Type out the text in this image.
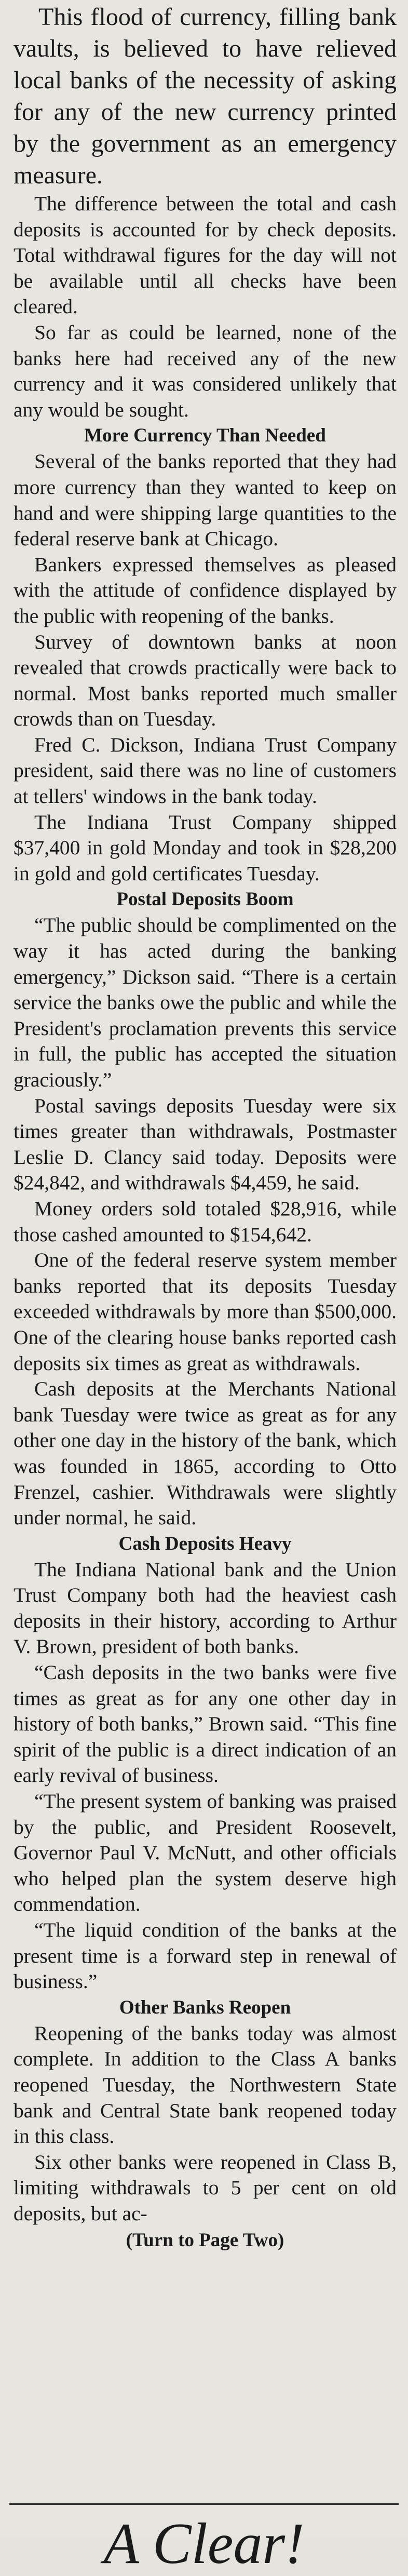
This flood of currency, filling bank vaults, is believed to have relieved local banks of the necessity of asking for any of the new currency printed by the government as an emergency measure.

The difference between the total and cash deposits is accounted for by check deposits. Total withdrawal figures for the day will not be available until all checks have been cleared.

So far as could be learned, none of the banks here had received any of the new currency and it was considered unlikely that any would be sought.

More Currency Than Needed

Several of the banks reported that they had more currency than they wanted to keep on hand and were shipping large quantities to the federal reserve bank at Chicago.

Bankers expressed themselves as pleased with the attitude of confidence displayed by the public with reopening of the banks.

Survey of downtown banks at noon revealed that crowds practically were back to normal. Most banks reported much smaller crowds than on Tuesday.

Fred C. Dickson, Indiana Trust Company president, said there was no line of customers at tellers' windows in the bank today.

The Indiana Trust Company shipped $37,400 in gold Monday and took in $28,200 in gold and gold certificates Tuesday.

Postal Deposits Boom

“The public should be complimented on the way it has acted during the banking emergency,” Dickson said. “There is a certain service the banks owe the public and while the President's proclamation prevents this service in full, the public has accepted the situation graciously.”

Postal savings deposits Tuesday were six times greater than withdrawals, Postmaster Leslie D. Clancy said today. Deposits were $24,842, and withdrawals $4,459, he said.

Money orders sold totaled $28,916, while those cashed amounted to $154,642.

One of the federal reserve system member banks reported that its deposits Tuesday exceeded withdrawals by more than $500,000. One of the clearing house banks reported cash deposits six times as great as withdrawals.

Cash deposits at the Merchants National bank Tuesday were twice as great as for any other one day in the history of the bank, which was founded in 1865, according to Otto Frenzel, cashier. Withdrawals were slightly under normal, he said.

Cash Deposits Heavy

The Indiana National bank and the Union Trust Company both had the heaviest cash deposits in their history, according to Arthur V. Brown, president of both banks.

“Cash deposits in the two banks were five times as great as for any one other day in history of both banks,” Brown said. “This fine spirit of the public is a direct indication of an early revival of business.

“The present system of banking was praised by the public, and President Roosevelt, Governor Paul V. McNutt, and other officials who helped plan the system deserve high commendation.

“The liquid condition of the banks at the present time is a forward step in renewal of business.”

Other Banks Reopen

Reopening of the banks today was almost complete. In addition to the Class A banks reopened Tuesday, the Northwestern State bank and Central State bank reopened today in this class.

Six other banks were reopened in Class B, limiting withdrawals to 5 per cent on old deposits, but ac-

(Turn to Page Two)

A Clear!
